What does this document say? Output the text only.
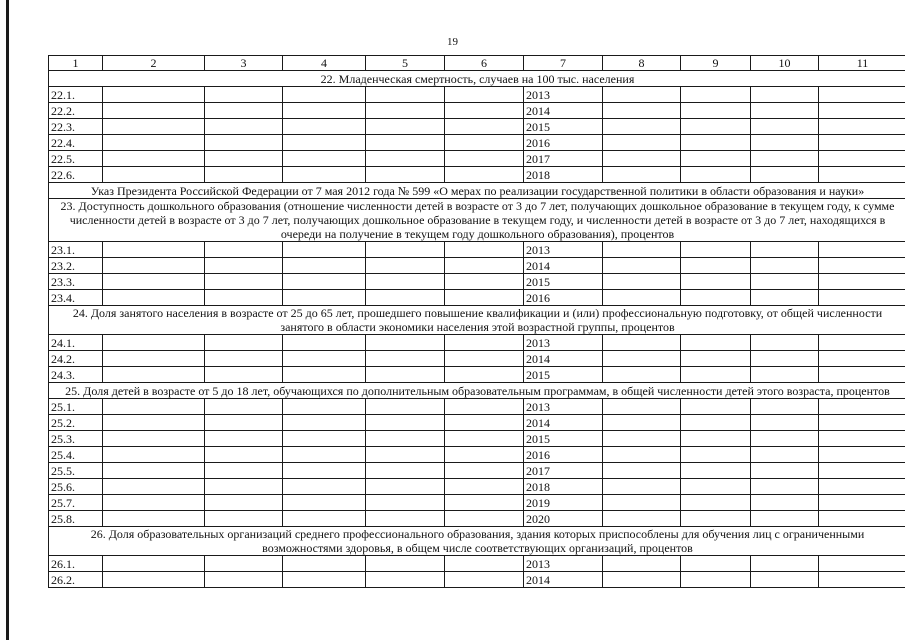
19
1	2	3	4	5	6	7	8	9	10	11
22. Младенческая смертность, случаев на 100 тыс. населения										
22.1.						2013				
22.2.						2014				
22.3.						2015				
22.4.						2016				
22.5.						2017				
22.6.						2018				
Указ Президента Российской Федерации от 7 мая 2012 года № 599 «О мерах по реализации государственной политики в области образования и науки»										
23. Доступность дошкольного образования (отношение численности детей в возрасте от 3 до 7 лет, получающих дошкольное образование в текущем году, к сумме численности детей в возрасте от 3 до 7 лет, получающих дошкольное образование в текущем году, и численности детей в возрасте от 3 до 7 лет, находящихся в очереди на получение в текущем году дошкольного образования), процентов										
23.1.						2013				
23.2.						2014				
23.3.						2015				
23.4.						2016				
24. Доля занятого населения в возрасте от 25 до 65 лет, прошедшего повышение квалификации и (или) профессиональную подготовку, от общей численности занятого в области экономики населения этой возрастной группы, процентов										
24.1.						2013				
24.2.						2014				
24.3.						2015				
25. Доля детей в возрасте от 5 до 18 лет, обучающихся по дополнительным образовательным программам, в общей численности детей этого возраста, процентов										
25.1.						2013				
25.2.						2014				
25.3.						2015				
25.4.						2016				
25.5.						2017				
25.6.						2018				
25.7.						2019				
25.8.						2020				
26. Доля образовательных организаций среднего профессионального образования, здания которых приспособлены для обучения лиц с ограниченными возможностями здоровья, в общем числе соответствующих организаций, процентов										
26.1.						2013				
26.2.						2014				
